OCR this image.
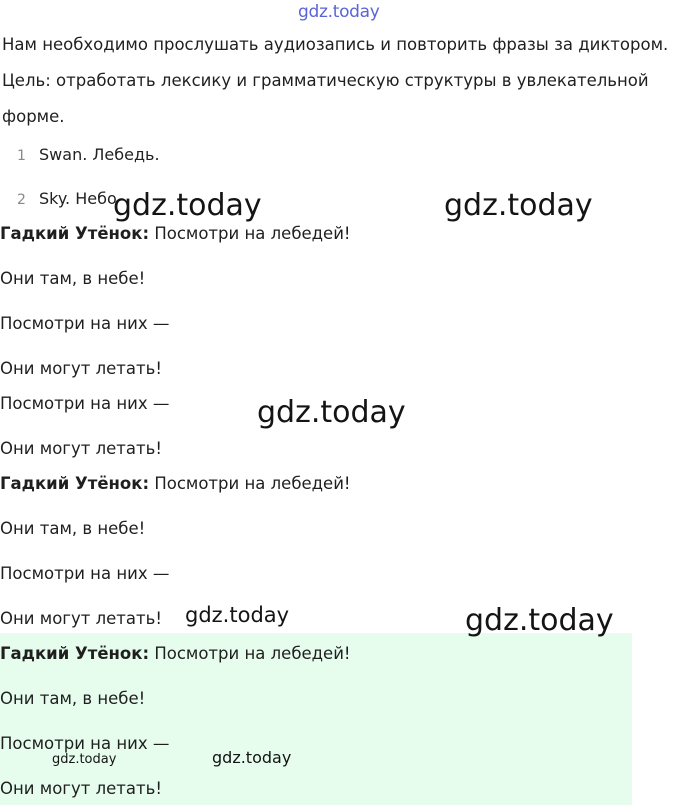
gdz.today
Нам необходимо прослушать аудиозапись и повторить фразы за диктором.
Цель: отработать лексику и грамматическую структуры в увлекательной
форме.
1 Swan. Лебедь.
2 Sky. Небо
Гадкий Утёнок: Посмотри на лебедей!
Они там, в небе!
Посмотри на них —
Они могут летать!
Посмотри на них —
Они могут летать!
Гадкий Утёнок: Посмотри на лебедей!
Они там, в небе!
Посмотри на них —
Они могут летать!
Гадкий Утёнок: Посмотри на лебедей!
Они там, в небе!
Посмотри на них —
Они могут летать!
gdz.today	gdz.today
gdz.today
gdz.today	gdz.today
gdz.today
gdz.today
